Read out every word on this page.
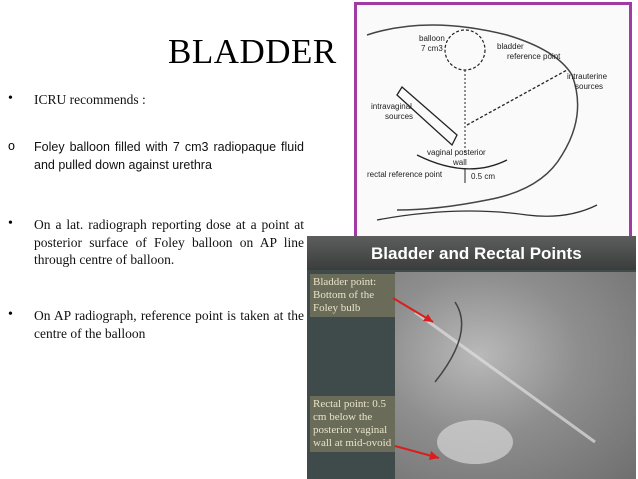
BLADDER
• ICRU recommends :
o Foley balloon filled with 7 cm3 radiopaque fluid and pulled down against urethra
• On a lat. radiograph reporting dose at a point at posterior surface of Foley balloon on AP line through centre of balloon.
• On AP radiograph, reference point is taken at the centre of the balloon
balloon
7 cm3	bladder
reference point
intrauterine
sources
intravaginal
sources
vaginal posterior
wall
rectal reference point	0.5 cm
Bladder and Rectal Points
Bladder point: Bottom of the Foley bulb
Rectal point: 0.5 cm below the posterior vaginal wall at mid-ovoid
